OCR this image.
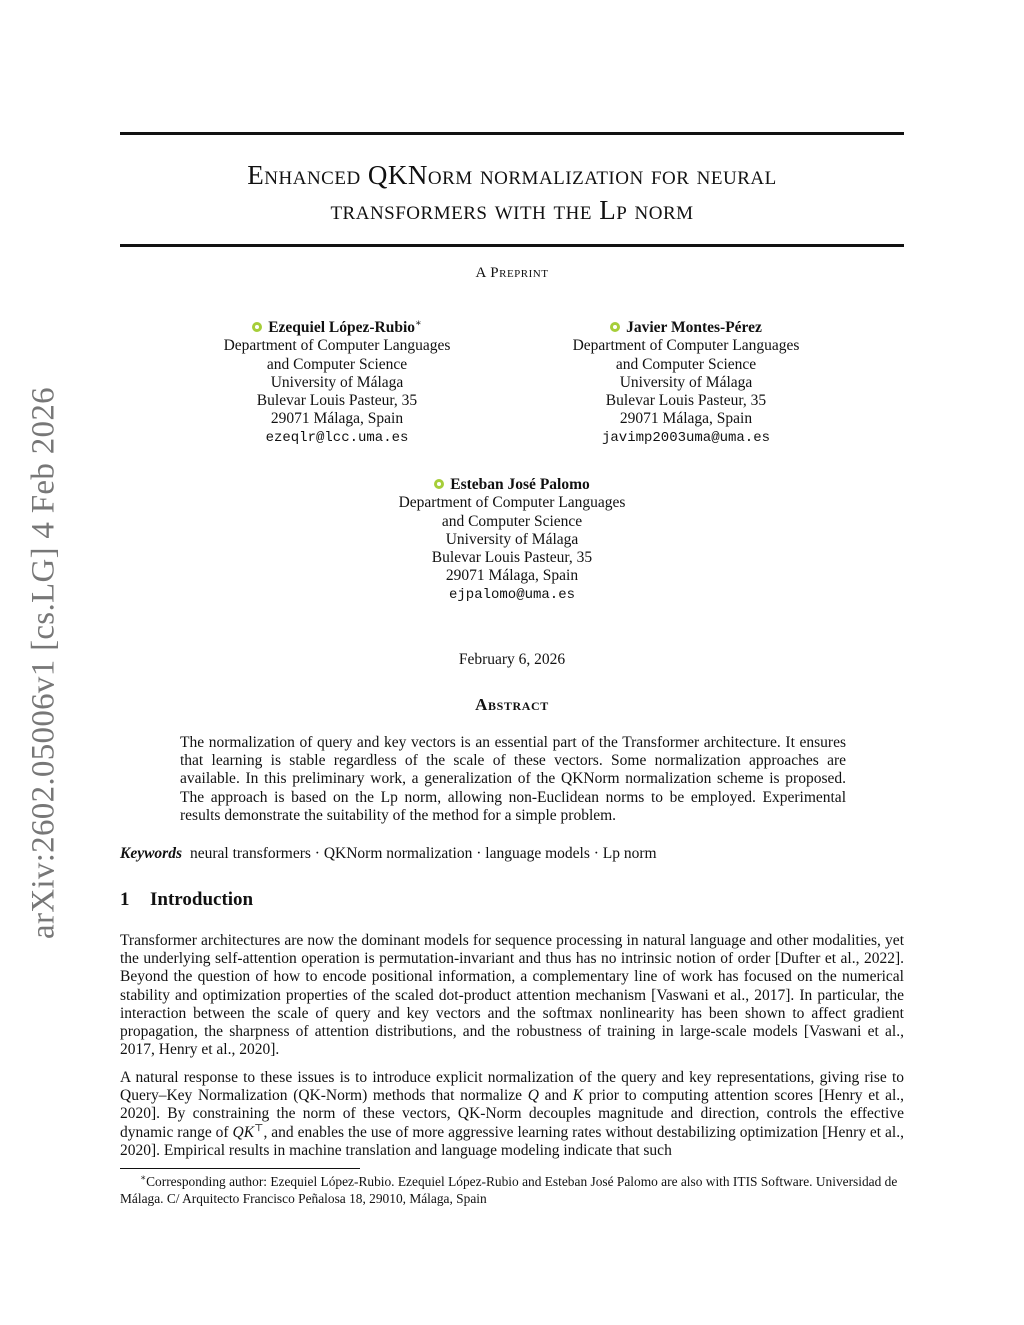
arXiv:2602.05006v1 [cs.LG] 4 Feb 2026
Enhanced QKNorm normalization for neural
transformers with the Lp norm
A Preprint
Ezequiel López-Rubio∗
Department of Computer Languages
and Computer Science
University of Málaga
Bulevar Louis Pasteur, 35
29071 Málaga, Spain
ezeqlr@lcc.uma.es
Javier Montes-Pérez
Department of Computer Languages
and Computer Science
University of Málaga
Bulevar Louis Pasteur, 35
29071 Málaga, Spain
javimp2003uma@uma.es
Esteban José Palomo
Department of Computer Languages
and Computer Science
University of Málaga
Bulevar Louis Pasteur, 35
29071 Málaga, Spain
ejpalomo@uma.es
February 6, 2026
Abstract
The normalization of query and key vectors is an essential part of the Transformer architecture. It ensures that learning is stable regardless of the scale of these vectors. Some normalization approaches are available. In this preliminary work, a generalization of the QKNorm normalization scheme is proposed. The approach is based on the Lp norm, allowing non-Euclidean norms to be employed. Experimental results demonstrate the suitability of the method for a simple problem.
Keywords neural transformers · QKNorm normalization · language models · Lp norm
1 Introduction
Transformer architectures are now the dominant models for sequence processing in natural language and other modalities, yet the underlying self-attention operation is permutation-invariant and thus has no intrinsic notion of order [Dufter et al., 2022]. Beyond the question of how to encode positional information, a complementary line of work has focused on the numerical stability and optimization properties of the scaled dot-product attention mechanism [Vaswani et al., 2017]. In particular, the interaction between the scale of query and key vectors and the softmax nonlinearity has been shown to affect gradient propagation, the sharpness of attention distributions, and the robustness of training in large-scale models [Vaswani et al., 2017, Henry et al., 2020].
A natural response to these issues is to introduce explicit normalization of the query and key representations, giving rise to Query–Key Normalization (QK-Norm) methods that normalize Q and K prior to computing attention scores [Henry et al., 2020]. By constraining the norm of these vectors, QK-Norm decouples magnitude and direction, controls the effective dynamic range of QK⊤, and enables the use of more aggressive learning rates without destabilizing optimization [Henry et al., 2020]. Empirical results in machine translation and language modeling indicate that such
∗Corresponding author: Ezequiel López-Rubio. Ezequiel López-Rubio and Esteban José Palomo are also with ITIS Software. Universidad de Málaga. C/ Arquitecto Francisco Peñalosa 18, 29010, Málaga, Spain
